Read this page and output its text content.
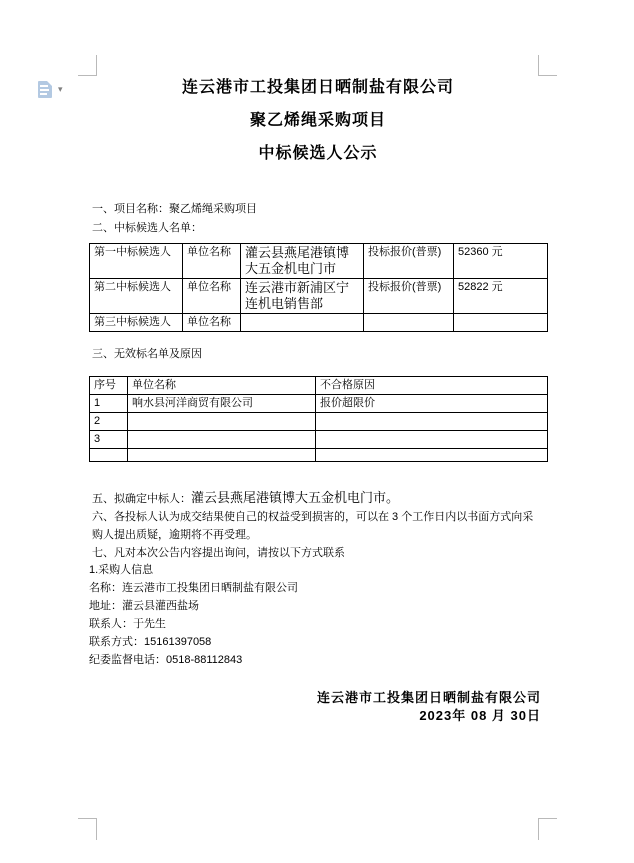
▾	连云港市工投集团日晒制盐有限公司
聚乙烯绳采购项目
中标候选人公示
一、项目名称：聚乙烯绳采购项目
二、中标候选人名单：
第一中标候选人	单位名称	灌云县燕尾港镇博大五金机电门市	投标报价(普票)	52360 元
第二中标候选人	单位名称	连云港市新浦区宁连机电销售部	投标报价(普票)	52822 元
第三中标候选人	单位名称			
三、无效标名单及原因
序号	单位名称	不合格原因
1	响水县河洋商贸有限公司	报价超限价
2		
3		

五、拟确定中标人：灌云县燕尾港镇博大五金机电门市。

六、各投标人认为成交结果使自己的权益受到损害的，可以在 3 个工作日内以书面方式向采购人提出质疑，逾期将不再受理。

七、凡对本次公告内容提出询问，请按以下方式联系

1.采购人信息
名称：连云港市工投集团日晒制盐有限公司
地址：灌云县灌西盐场
联系人：于先生
联系方式：15161397058
纪委监督电话：0518-88112843
连云港市工投集团日晒制盐有限公司
2023年 08 月 30日
